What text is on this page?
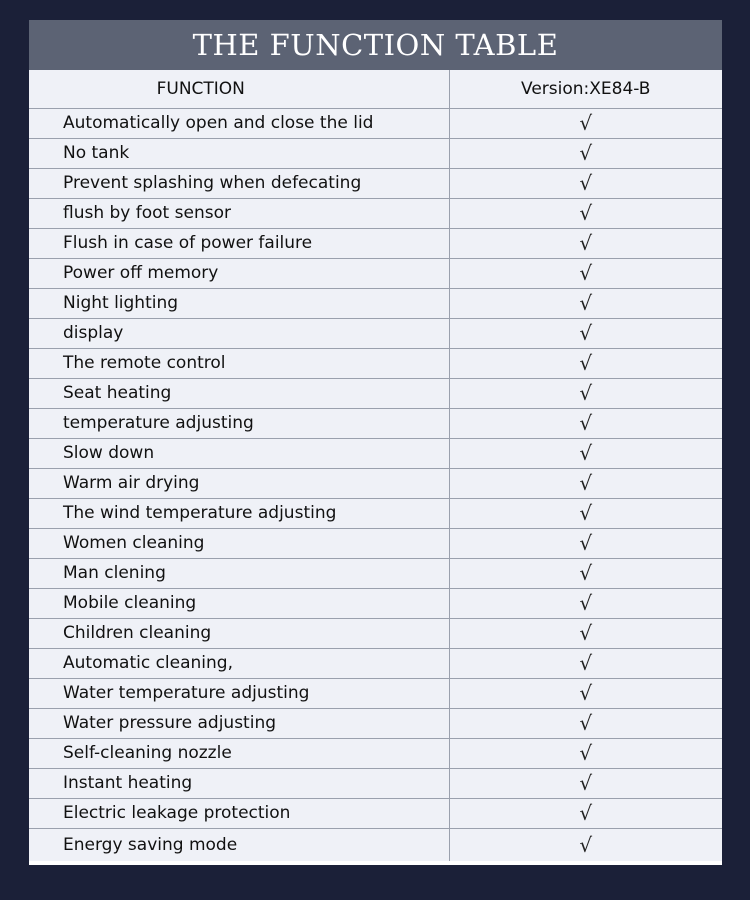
THE FUNCTION TABLE
FUNCTION	Version:XE84-B
Automatically open and close the lid	√
No tank	√
Prevent splashing when defecating	√
flush by foot sensor	√
Flush in case of power failure	√
Power off memory	√
Night lighting	√
display	√
The remote control	√
Seat heating	√
temperature adjusting	√
Slow down	√
Warm air drying	√
The wind temperature adjusting	√
Women cleaning	√
Man clening	√
Mobile cleaning	√
Children cleaning	√
Automatic cleaning,	√
Water temperature adjusting	√
Water pressure adjusting	√
Self-cleaning nozzle	√
Instant heating	√
Electric leakage protection	√
Energy saving mode	√
